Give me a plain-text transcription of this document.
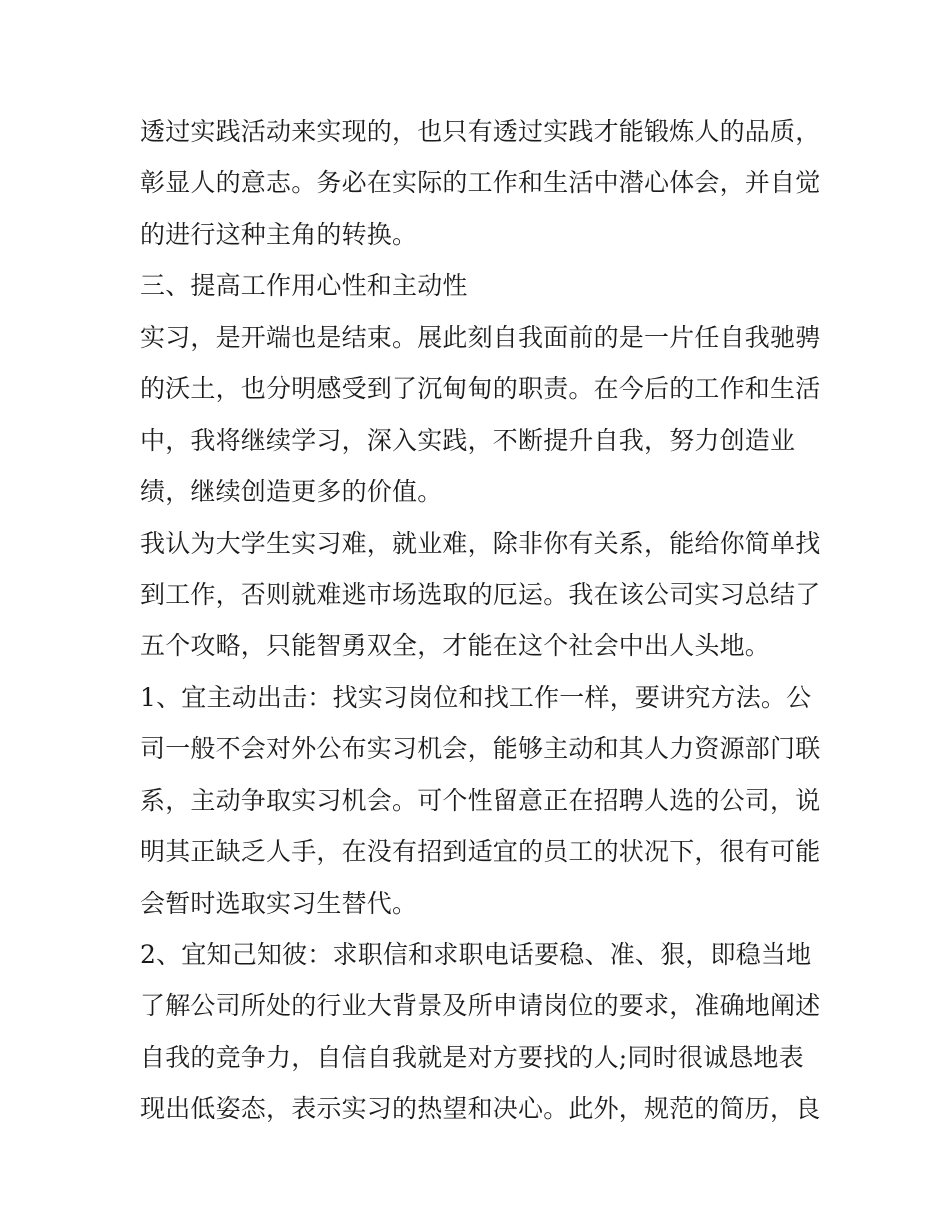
透过实践活动来实现的，也只有透过实践才能锻炼人的品质，
彰显人的意志。务必在实际的工作和生活中潜心体会，并自觉
的进行这种主角的转换。
三、提高工作用心性和主动性
实习，是开端也是结束。展此刻自我面前的是一片任自我驰骋
的沃土，也分明感受到了沉甸甸的职责。在今后的工作和生活
中，我将继续学习，深入实践，不断提升自我，努力创造业
绩，继续创造更多的价值。
我认为大学生实习难，就业难，除非你有关系，能给你简单找
到工作，否则就难逃市场选取的厄运。我在该公司实习总结了
五个攻略，只能智勇双全，才能在这个社会中出人头地。
1、宜主动出击：找实习岗位和找工作一样，要讲究方法。公
司一般不会对外公布实习机会，能够主动和其人力资源部门联
系，主动争取实习机会。可个性留意正在招聘人选的公司，说
明其正缺乏人手，在没有招到适宜的员工的状况下，很有可能
会暂时选取实习生替代。
2、宜知己知彼：求职信和求职电话要稳、准、狠，即稳当地
了解公司所处的行业大背景及所申请岗位的要求，准确地阐述
自我的竞争力，自信自我就是对方要找的人;同时很诚恳地表
现出低姿态，表示实习的热望和决心。此外，规范的简历，良
